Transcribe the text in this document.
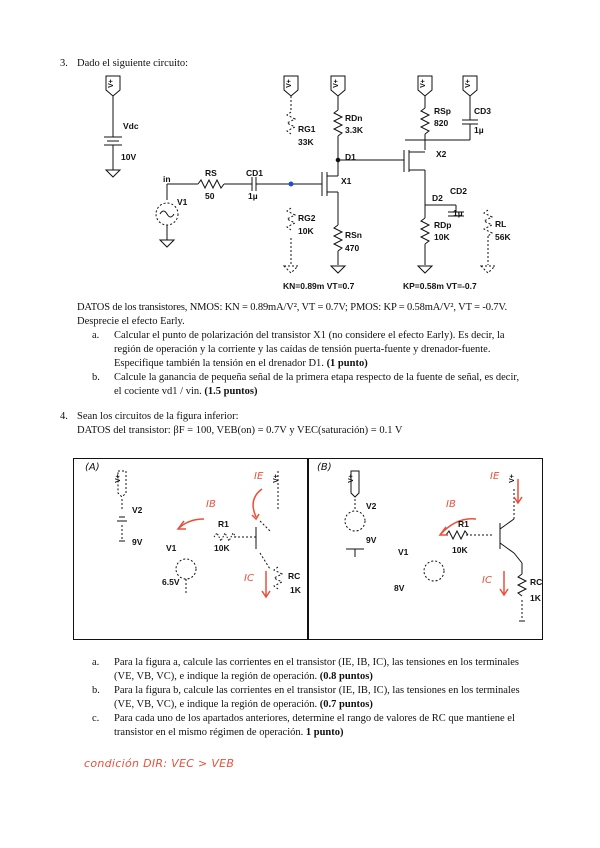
3. Dado el siguiente circuito:
V+	V+	V+	V+	V+
Vdc
10V
RG1
33K
RDn
3.3K
D1
X1
RG2
10K	RSn
470
RSp
820
CD3
1µ
X2
D2
CD2
1µ
RDp
10K
RL
56K
RS
50
CD1
1µ
in
V1
KN=0.89m VT=0.7	KP=0.58m VT=-0.7
DATOS de los transistores, NMOS: KN = 0.89mA/V², VT = 0.7V; PMOS: KP = 0.58mA/V², VT = -0.7V.
Desprecie el efecto Early.
a. Calcular el punto de polarización del transistor X1 (no considere el efecto Early). Es decir, la
región de operación y la corriente y las caídas de tensión puerta-fuente y drenador-fuente.
Especifique también la tensión en el drenador D1. (1 punto)
b. Calcule la ganancia de pequeña señal de la primera etapa respecto de la fuente de señal, es decir,
el cociente vd1 / vin. (1.5 puntos)
4. Sean los circuitos de la figura inferior:
DATOS del transistor: βF = 100, VEB(on) = 0.7V y VEC(saturación) = 0.1 V
(A)
V+
V2
9V
R1
10K
V1
6.5V
RC
1K
V+
IE
IB
IC
(B)
V+
V2
9V
R1
10K
V1
8V
RC
1K
V+
IE
IB
IC
a. Para la figura a, calcule las corrientes en el transistor (IE, IB, IC), las tensiones en los terminales
(VE, VB, VC), e indique la región de operación. (0.8 puntos)
b. Para la figura b, calcule las corrientes en el transistor (IE, IB, IC), las tensiones en los terminales
(VE, VB, VC), e indique la región de operación. (0.7 puntos)
c. Para cada uno de los apartados anteriores, determine el rango de valores de RC que mantiene el
transistor en el mismo régimen de operación. 1 punto)
condición DIR: VEC > VEB
